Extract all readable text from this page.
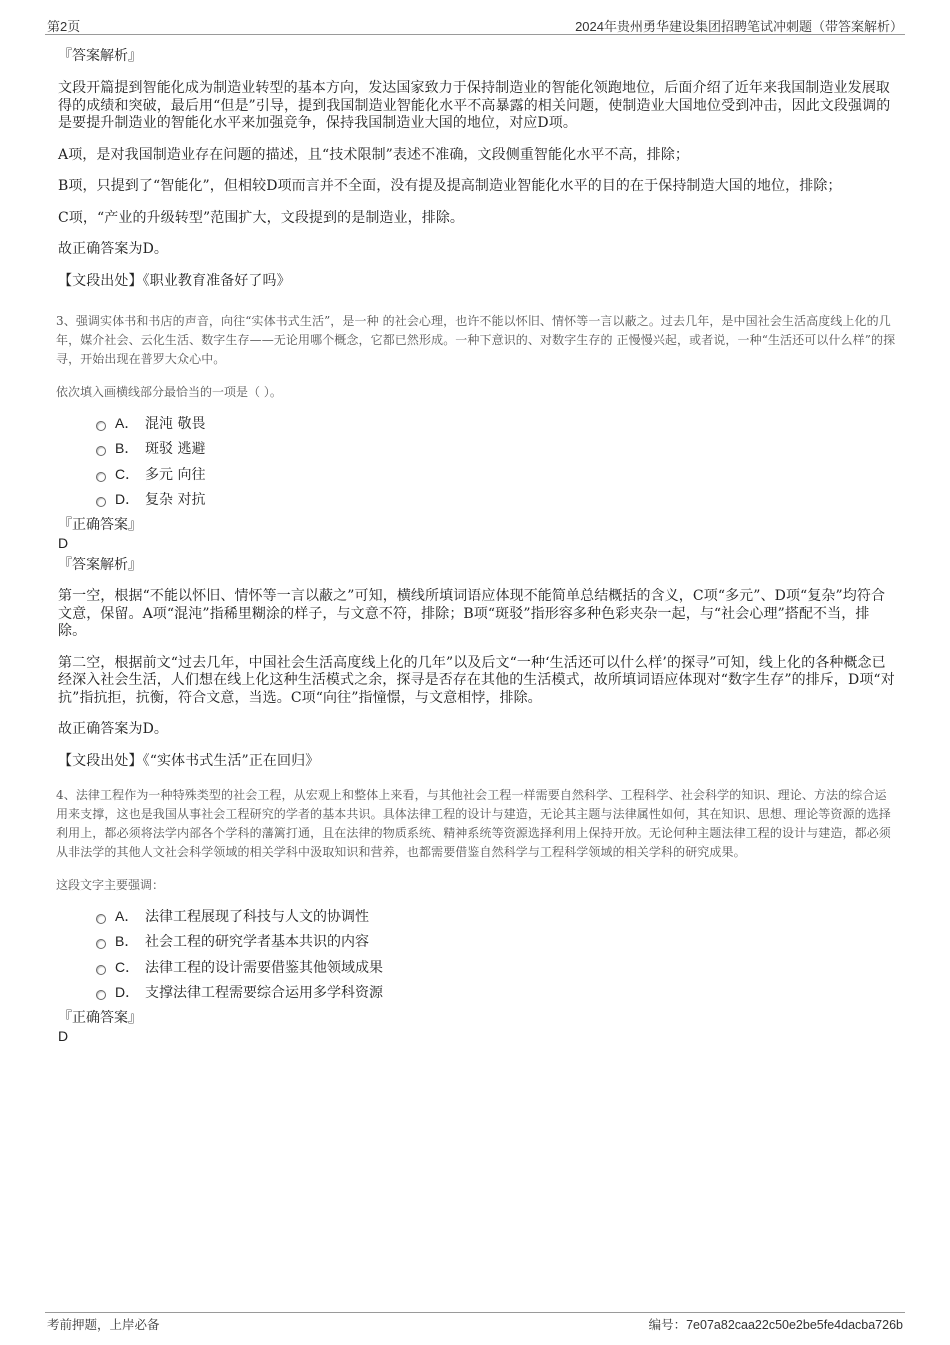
第2页	2024年贵州勇华建设集团招聘笔试冲刺题（带答案解析）
『答案解析』

文段开篇提到智能化成为制造业转型的基本方向，发达国家致力于保持制造业的智能化领跑地位，后面介绍了近年来我国制造业发展取得的成绩和突破，最后用“但是”引导，提到我国制造业智能化水平不高暴露的相关问题，使制造业大国地位受到冲击，因此文段强调的是要提升制造业的智能化水平来加强竞争，保持我国制造业大国的地位，对应D项。

A项，是对我国制造业存在问题的描述，且“技术限制”表述不准确，文段侧重智能化水平不高，排除；

B项，只提到了“智能化”，但相较D项而言并不全面，没有提及提高制造业智能化水平的目的在于保持制造大国的地位，排除；

C项，“产业的升级转型”范围扩大，文段提到的是制造业，排除。

故正确答案为D。

【文段出处】《职业教育准备好了吗》

3、强调实体书和书店的声音，向往“实体书式生活”，是一种 的社会心理，也许不能以怀旧、情怀等一言以蔽之。过去几年，是中国社会生活高度线上化的几年，媒介社会、云化生活、数字生存——无论用哪个概念，它都已然形成。一种下意识的、对数字生存的 正慢慢兴起，或者说，一种“生活还可以什么样”的探寻，开始出现在普罗大众心中。

依次填入画横线部分最恰当的一项是（ ）。
A． 混沌 敬畏
B． 斑驳 逃避
C． 多元 向往
D． 复杂 对抗
『正确答案』
D
『答案解析』

第一空，根据“不能以怀旧、情怀等一言以蔽之”可知，横线所填词语应体现不能简单总结概括的含义，C项“多元”、D项“复杂”均符合文意，保留。A项“混沌”指稀里糊涂的样子，与文意不符，排除；B项“斑驳”指形容多种色彩夹杂一起，与“社会心理”搭配不当，排除。

第二空，根据前文“过去几年，中国社会生活高度线上化的几年”以及后文“一种‘生活还可以什么样’的探寻”可知，线上化的各种概念已经深入社会生活，人们想在线上化这种生活模式之余，探寻是否存在其他的生活模式，故所填词语应体现对“数字生存”的排斥，D项“对抗”指抗拒，抗衡，符合文意，当选。C项“向往”指憧憬，与文意相悖，排除。

故正确答案为D。

【文段出处】《“实体书式生活”正在回归》

4、法律工程作为一种特殊类型的社会工程，从宏观上和整体上来看，与其他社会工程一样需要自然科学、工程科学、社会科学的知识、理论、方法的综合运用来支撑，这也是我国从事社会工程研究的学者的基本共识。具体法律工程的设计与建造，无论其主题与法律属性如何，其在知识、思想、理论等资源的选择利用上，都必须将法学内部各个学科的藩篱打通，且在法律的物质系统、精神系统等资源选择利用上保持开放。无论何种主题法律工程的设计与建造，都必须从非法学的其他人文社会科学领域的相关学科中汲取知识和营养，也都需要借鉴自然科学与工程科学领域的相关学科的研究成果。

这段文字主要强调：
A． 法律工程展现了科技与人文的协调性
B． 社会工程的研究学者基本共识的内容
C． 法律工程的设计需要借鉴其他领域成果
D． 支撑法律工程需要综合运用多学科资源
『正确答案』
D
考前押题，上岸必备	编号：7e07a82caa22c50e2be5fe4dacba726b
